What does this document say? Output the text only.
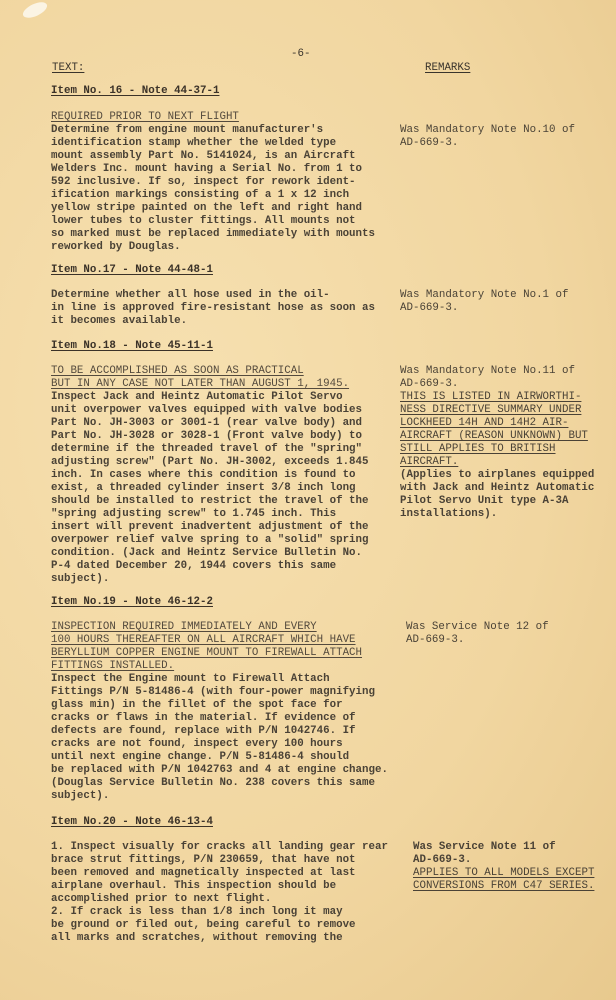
-6-
TEXT:	REMARKS
Item No. 16 - Note 44-37-1
REQUIRED PRIOR TO NEXT FLIGHT
Determine from engine mount manufacturer's
identification stamp whether the welded type
mount assembly Part No. 5141024, is an Aircraft
Welders Inc. mount having a Serial No. from 1 to
592 inclusive. If so, inspect for rework ident-
ification markings consisting of a 1 x 12 inch
yellow stripe painted on the left and right hand
lower tubes to cluster fittings. All mounts not
so marked must be replaced immediately with mounts
reworked by Douglas.
Was Mandatory Note No.10 of
AD-669-3.
Item No.17 - Note 44-48-1
Determine whether all hose used in the oil-
in line is approved fire-resistant hose as soon as
it becomes available.
Was Mandatory Note No.1 of
AD-669-3.
Item No.18 - Note 45-11-1
TO BE ACCOMPLISHED AS SOON AS PRACTICAL
BUT IN ANY CASE NOT LATER THAN AUGUST 1, 1945.
Inspect Jack and Heintz Automatic Pilot Servo
unit overpower valves equipped with valve bodies
Part No. JH-3003 or 3001-1 (rear valve body) and
Part No. JH-3028 or 3028-1 (Front valve body) to
determine if the threaded travel of the "spring"
adjusting screw" (Part No. JH-3002, exceeds 1.845
inch. In cases where this condition is found to
exist, a threaded cylinder insert 3/8 inch long
should be installed to restrict the travel of the
"spring adjusting screw" to 1.745 inch. This
insert will prevent inadvertent adjustment of the
overpower relief valve spring to a "solid" spring
condition. (Jack and Heintz Service Bulletin No.
P-4 dated December 20, 1944 covers this same
subject).
Was Mandatory Note No.11 of
AD-669-3.
THIS IS LISTED IN AIRWORTHI-
NESS DIRECTIVE SUMMARY UNDER
LOCKHEED 14H AND 14H2 AIR-
AIRCRAFT (REASON UNKNOWN) BUT
STILL APPLIES TO BRITISH
AIRCRAFT.
(Applies to airplanes equipped
with Jack and Heintz Automatic
Pilot Servo Unit type A-3A
installations).
Item No.19 - Note 46-12-2
INSPECTION REQUIRED IMMEDIATELY AND EVERY
100 HOURS THEREAFTER ON ALL AIRCRAFT WHICH HAVE
BERYLLIUM COPPER ENGINE MOUNT TO FIREWALL ATTACH
FITTINGS INSTALLED.
Inspect the Engine mount to Firewall Attach
Fittings P/N 5-81486-4 (with four-power magnifying
glass min) in the fillet of the spot face for
cracks or flaws in the material. If evidence of
defects are found, replace with P/N 1042746. If
cracks are not found, inspect every 100 hours
until next engine change. P/N 5-81486-4 should
be replaced with P/N 1042763 and 4 at engine change.
(Douglas Service Bulletin No. 238 covers this same
subject).
Was Service Note 12 of
AD-669-3.
Item No.20 - Note 46-13-4
1. Inspect visually for cracks all landing gear rear
brace strut fittings, P/N 230659, that have not
been removed and magnetically inspected at last
airplane overhaul. This inspection should be
accomplished prior to next flight.
2. If crack is less than 1/8 inch long it may
be ground or filed out, being careful to remove
all marks and scratches, without removing the
Was Service Note 11 of
AD-669-3.
APPLIES TO ALL MODELS EXCEPT
CONVERSIONS FROM C47 SERIES.
